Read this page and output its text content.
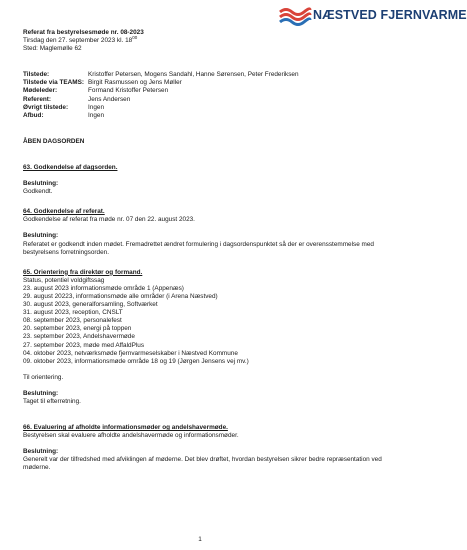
NÆSTVED FJERNVARME
Referat fra bestyrelsesmøde nr. 08-2023
Tirsdag den 27. september 2023 kl. $18^{00}$
Sted: Maglemølle 62
Tilstede:	Kristoffer Petersen, Mogens Sandahl, Hanne Sørensen, Peter Frederiksen
Tilstede via TEAMS: Birgit Rasmussen og Jens Møller
Mødeleder:	Formand Kristoffer Petersen
Referent:	Jens Andersen
Øvrigt tilstede:	Ingen
Afbud:	Ingen
ÅBEN DAGSORDEN
63. Godkendelse af dagsorden.
Beslutning:
Godkendt.
64. Godkendelse af referat.
Godkendelse af referat fra møde nr. 07 den 22. august 2023.
Beslutning:
Referatet er godkendt inden mødet. Fremadrettet ændret formulering i dagsordenspunktet så der er overensstemmelse med bestyrelsens forretningsorden.
65. Orientering fra direktør og formand.
Status, potentiel voldgiftssag
23. august 2023 informationsmøde område 1 (Appenæs)
29. august 20223, informationsmøde alle områder (i Arena Næstved)
30. august 2023, generalforsamling, Softværket
31. august 2023, reception, CNSLT
08. september 2023, personalefest
20. september 2023, energi på toppen
23. september 2023, Andelshavermøde
27. september 2023, møde med AffaldPlus
04. oktober 2023, netværksmøde fjernvarmeselskaber i Næstved Kommune
09. oktober 2023, informationsmøde område 18 og 19 (Jørgen Jensens vej mv.)
Til orientering.
Beslutning:
Taget til efterretning.
66. Evaluering af afholdte informationsmøder og andelshavermøde.
Bestyrelsen skal evaluere afholdte andelshavermøde og informationsmøder.
Beslutning:
Generelt var der tilfredshed med afviklingen af møderne. Det blev drøftet, hvordan bestyrelsen sikrer bedre repræsentation ved møderne.
1
